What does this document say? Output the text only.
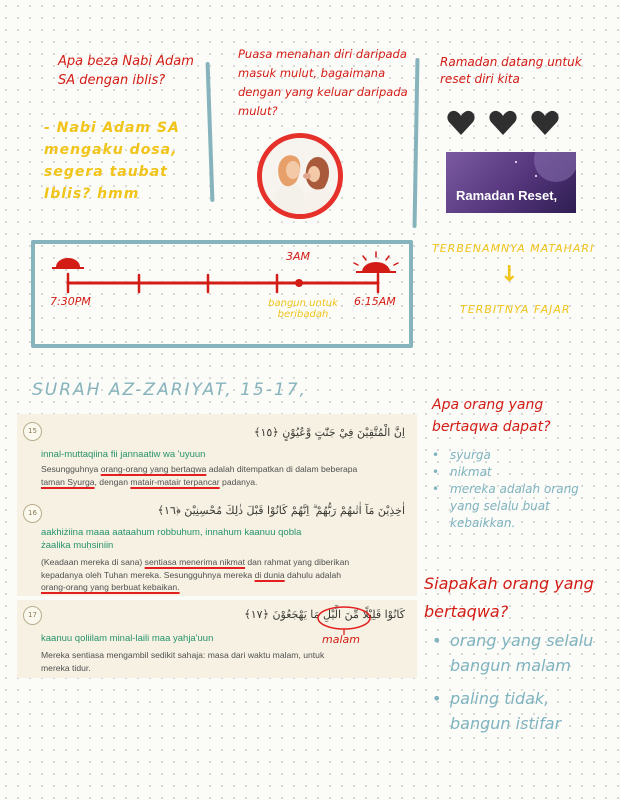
Apa beza Nabi Adam SA dengan iblis?
- Nabi Adam SA mengaku dosa, segera taubat Iblis? hmm
Puasa menahan diri daripada masuk mulut, bagaimana dengan yang keluar daripada mulut?
Ramadan datang untuk reset diri kita
Ramadan Reset,
7:30PM
3AM
6:15AM
bangun untuk beribadah
TERBENAMNYA MATAHARI
↓
TERBITNYA FAJAR
SURAH AZ-ZARIYAT, 15-17,
15	اِنَّ الْمُتَّقِيْنَ فِيْ جَنّٰتٍ وَّعُيُوْنٍ ﴿١٥﴾
innal-muttaqiina fii jannaatiw wa 'uyuun
Sesungguhnya orang-orang yang bertaqwa adalah ditempatkan di dalam beberapa
taman Syurga, dengan matair-matair terpancar padanya.
16	اٰخِذِيْنَ مَآ اٰتٰىهُمْ رَبُّهُمْ ۗ اِنَّهُمْ كَانُوْا قَبْلَ ذٰلِكَ مُحْسِنِيْنَ ﴿١٦﴾
aakhiżiina maaa aataahum robbuhum, innahum kaanuu qobla
żaalika muḥsiniin
(Keadaan mereka di sana) sentiasa menerima nikmat dan rahmat yang diberikan
kepadanya oleh Tuhan mereka. Sesungguhnya mereka di dunia dahulu adalah
orang-orang yang berbuat kebaikan.
17	كَانُوْا قَلِيْلًا مِّنَ الَّيْلِ مَا يَهْجَعُوْنَ ﴿١٧﴾
kaanuu qoliilam minal-laili maa yahja'uun
Mereka sentiasa mengambil sedikit sahaja: masa dari waktu malam, untuk
mereka tidur.
malam
Apa orang yang bertaqwa dapat?
• syurga
• nikmat
• mereka adalah orang yang selalu buat kebaikkan.
Siapakah orang yang bertaqwa?
• orang yang selalu bangun malam
• paling tidak, bangun istifar
